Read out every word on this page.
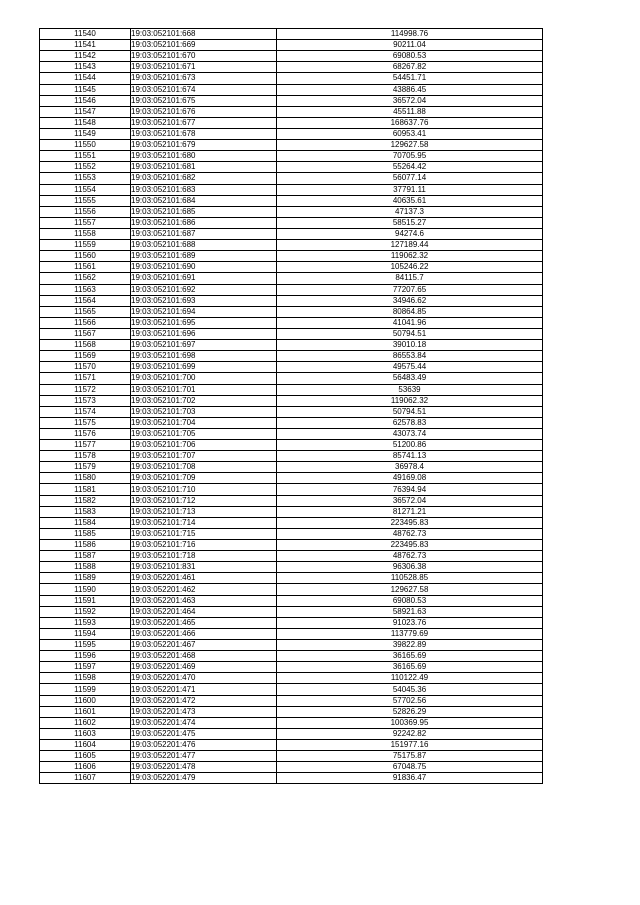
11540	19:03:052101:668	114998.76
11541	19:03:052101:669	90211.04
11542	19:03:052101:670	69080.53
11543	19:03:052101:671	68267.82
11544	19:03:052101:673	54451.71
11545	19:03:052101:674	43886.45
11546	19:03:052101:675	36572.04
11547	19:03:052101:676	45511.88
11548	19:03:052101:677	168637.76
11549	19:03:052101:678	60953.41
11550	19:03:052101:679	129627.58
11551	19:03:052101:680	70705.95
11552	19:03:052101:681	55264.42
11553	19:03:052101:682	56077.14
11554	19:03:052101:683	37791.11
11555	19:03:052101:684	40635.61
11556	19:03:052101:685	47137.3
11557	19:03:052101:686	58515.27
11558	19:03:052101:687	94274.6
11559	19:03:052101:688	127189.44
11560	19:03:052101:689	119062.32
11561	19:03:052101:690	105246.22
11562	19:03:052101:691	84115.7
11563	19:03:052101:692	77207.65
11564	19:03:052101:693	34946.62
11565	19:03:052101:694	80864.85
11566	19:03:052101:695	41041.96
11567	19:03:052101:696	50794.51
11568	19:03:052101:697	39010.18
11569	19:03:052101:698	86553.84
11570	19:03:052101:699	49575.44
11571	19:03:052101:700	56483.49
11572	19:03:052101:701	53639
11573	19:03:052101:702	119062.32
11574	19:03:052101:703	50794.51
11575	19:03:052101:704	62578.83
11576	19:03:052101:705	43073.74
11577	19:03:052101:706	51200.86
11578	19:03:052101:707	85741.13
11579	19:03:052101:708	36978.4
11580	19:03:052101:709	49169.08
11581	19:03:052101:710	76394.94
11582	19:03:052101:712	36572.04
11583	19:03:052101:713	81271.21
11584	19:03:052101:714	223495.83
11585	19:03:052101:715	48762.73
11586	19:03:052101:716	223495.83
11587	19:03:052101:718	48762.73
11588	19:03:052101:831	96306.38
11589	19:03:052201:461	110528.85
11590	19:03:052201:462	129627.58
11591	19:03:052201:463	69080.53
11592	19:03:052201:464	58921.63
11593	19:03:052201:465	91023.76
11594	19:03:052201:466	113779.69
11595	19:03:052201:467	39822.89
11596	19:03:052201:468	36165.69
11597	19:03:052201:469	36165.69
11598	19:03:052201:470	110122.49
11599	19:03:052201:471	54045.36
11600	19:03:052201:472	57702.56
11601	19:03:052201:473	52826.29
11602	19:03:052201:474	100369.95
11603	19:03:052201:475	92242.82
11604	19:03:052201:476	151977.16
11605	19:03:052201:477	75175.87
11606	19:03:052201:478	67048.75
11607	19:03:052201:479	91836.47
